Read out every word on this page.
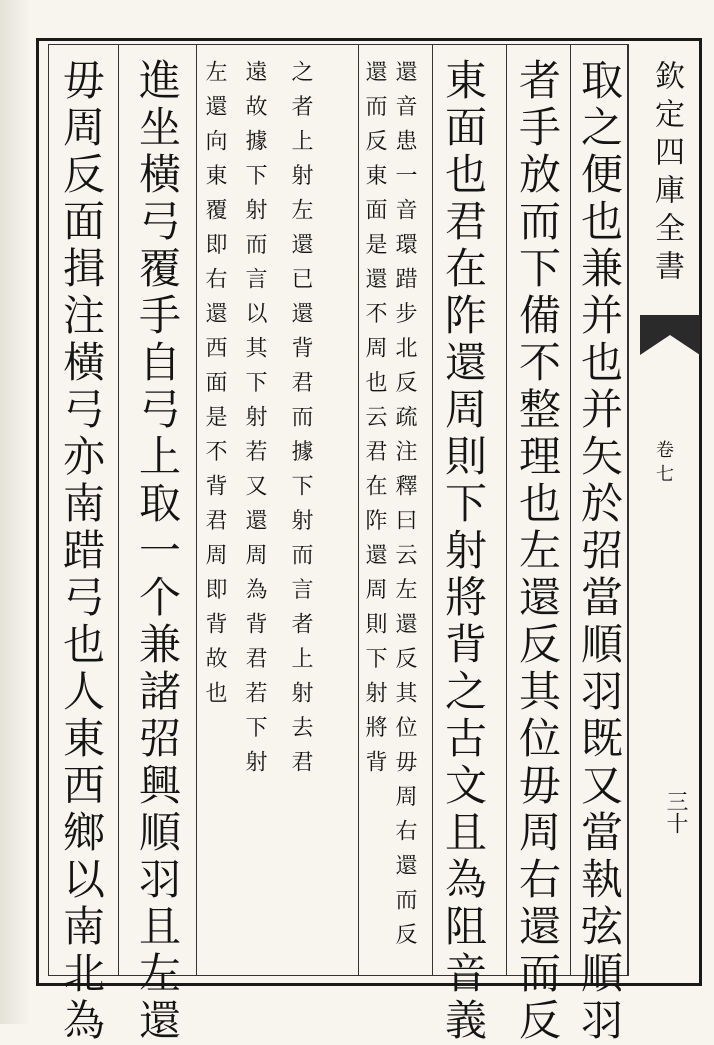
欽定四庫全書
卷七
三十
取之便也兼并也并矢於弨當順羽既又當執弦順羽
者手放而下備不整理也左還反其位毋周右還而反
東面也君在阼還周則下射將背之古文且為阻音義
還音患一音環踖步北反疏注釋曰云左還反其位毋周右還而反
還而反東面是還不周也云君在阼還周則下射將背
之者上射左還已還背君而據下射而言者上射去君
遠故據下射而言以其下射若又還周為背君若下射
左還向東覆即右還西面是不背君周即背故也
進坐橫弓覆手自弓上取一个兼諸弨興順羽且左還
毋周反面揖注橫弓亦南踖弓也人東西鄉以南北為
